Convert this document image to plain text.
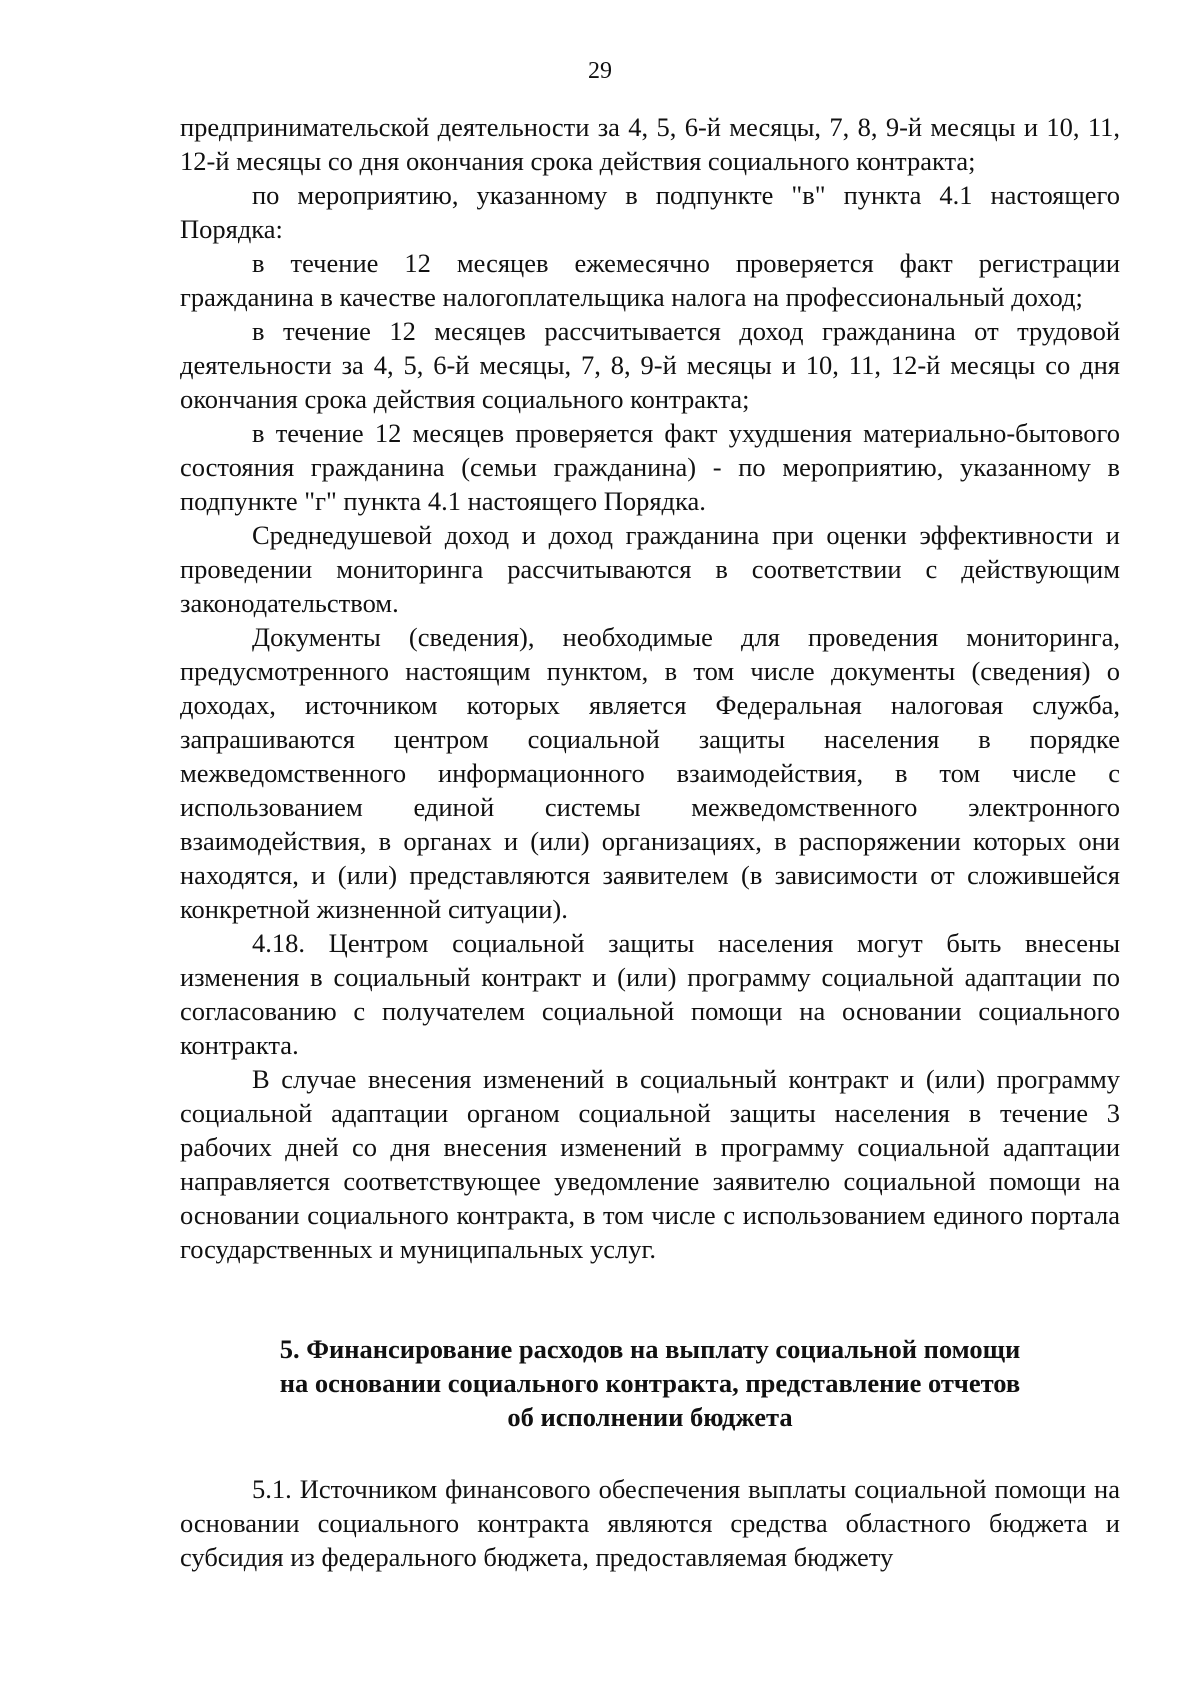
29

предпринимательской деятельности за 4, 5, 6-й месяцы, 7, 8, 9-й месяцы и 10, 11, 12-й месяцы со дня окончания срока действия социального контракта;

по мероприятию, указанному в подпункте "в" пункта 4.1 настоящего Порядка:

в течение 12 месяцев ежемесячно проверяется факт регистрации гражданина в качестве налогоплательщика налога на профессиональный доход;

в течение 12 месяцев рассчитывается доход гражданина от трудовой деятельности за 4, 5, 6-й месяцы, 7, 8, 9-й месяцы и 10, 11, 12-й месяцы со дня окончания срока действия социального контракта;

в течение 12 месяцев проверяется факт ухудшения материально-бытового состояния гражданина (семьи гражданина) - по мероприятию, указанному в подпункте "г" пункта 4.1 настоящего Порядка.

Среднедушевой доход и доход гражданина при оценки эффективности и проведении мониторинга рассчитываются в соответствии с действующим законодательством.

Документы (сведения), необходимые для проведения мониторинга, предусмотренного настоящим пунктом, в том числе документы (сведения) о доходах, источником которых является Федеральная налоговая служба, запрашиваются центром социальной защиты населения в порядке межведомственного информационного взаимодействия, в том числе с использованием единой системы межведомственного электронного взаимодействия, в органах и (или) организациях, в распоряжении которых они находятся, и (или) представляются заявителем (в зависимости от сложившейся конкретной жизненной ситуации).

4.18. Центром социальной защиты населения могут быть внесены изменения в социальный контракт и (или) программу социальной адаптации по согласованию с получателем социальной помощи на основании социального контракта.

В случае внесения изменений в социальный контракт и (или) программу социальной адаптации органом социальной защиты населения в течение 3 рабочих дней со дня внесения изменений в программу социальной адаптации направляется соответствующее уведомление заявителю социальной помощи на основании социального контракта, в том числе с использованием единого портала государственных и муниципальных услуг.

5. Финансирование расходов на выплату социальной помощи
на основании социального контракта, представление отчетов
об исполнении бюджета

5.1. Источником финансового обеспечения выплаты социальной помощи на основании социального контракта являются средства областного бюджета и субсидия из федерального бюджета, предоставляемая бюджету
